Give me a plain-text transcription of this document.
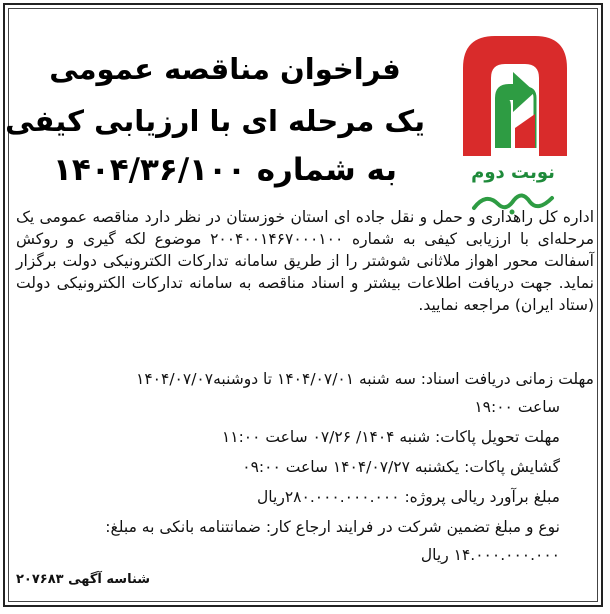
نوبت دوم
فراخوان مناقصه عمومی
یک مرحله ای با ارزیابی کیفی
به شماره ۱۴۰۴/۳۶/۱۰۰

اداره کل راهداری و حمل و نقل جاده ای استان خوزستان در نظر دارد مناقصه عمومی یک مرحله‌ای با ارزیابی کیفی به شماره ۲۰۰۴۰۰۱۴۶۷۰۰۰۱۰۰ موضوع لکه گیری و روکش آسفالت محور اهواز ملاثانی شوشتر را از طریق سامانه تدارکات الکترونیکی دولت برگزار نماید. جهت دریافت اطلاعات بیشتر و اسناد مناقصه به سامانه تدارکات الکترونیکی دولت (ستاد ایران) مراجعه نمایید.

مهلت زمانی دریافت اسناد: سه شنبه ۱۴۰۴/۰۷/۰۱ تا دوشنبه۱۴۰۴/۰۷/۰۷

ساعت ۱۹:۰۰

مهلت تحویل پاکات: شنبه ۱۴۰۴/ ۰۷/۲۶ ساعت ۱۱:۰۰

گشایش پاکات: یکشنبه ۱۴۰۴/۰۷/۲۷ ساعت ۰۹:۰۰

مبلغ برآورد ریالی پروژه: ۲۸۰.۰۰۰.۰۰۰.۰۰۰ریال

نوع و مبلغ تضمین شرکت در فرایند ارجاع کار: ضمانتنامه بانکی به مبلغ:

۱۴.۰۰۰.۰۰۰.۰۰۰ ریال

شناسه آگهی ۲۰۷۶۸۳
